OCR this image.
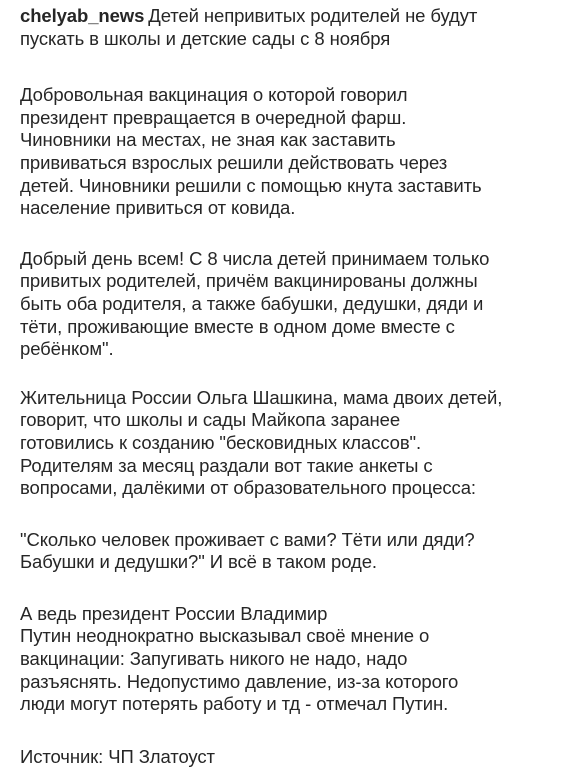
chelyab_news Детей непривитых родителей не будут
пускать в школы и детские сады с 8 ноября

Добровольная вакцинация о которой говорил
президент превращается в очередной фарш.
Чиновники на местах, не зная как заставить
прививаться взрослых решили действовать через
детей. Чиновники решили с помощью кнута заставить
население привиться от ковида.

Добрый день всем! С 8 числа детей принимаем только
привитых родителей, причём вакцинированы должны
быть оба родителя, а также бабушки, дедушки, дяди и
тёти, проживающие вместе в одном доме вместе с
ребёнком".

Жительница России Ольга Шашкина, мама двоих детей,
говорит, что школы и сады Майкопа заранее
готовились к созданию "бесковидных классов".
Родителям за месяц раздали вот такие анкеты с
вопросами, далёкими от образовательного процесса:

"Сколько человек проживает с вами? Тёти или дяди?
Бабушки и дедушки?" И всё в таком роде.

А ведь президент России Владимир
Путин неоднократно высказывал своё мнение о
вакцинации: Запугивать никого не надо, надо
разъяснять. Недопустимо давление, из-за которого
люди могут потерять работу и тд - отмечал Путин.

Источник: ЧП Златоуст
